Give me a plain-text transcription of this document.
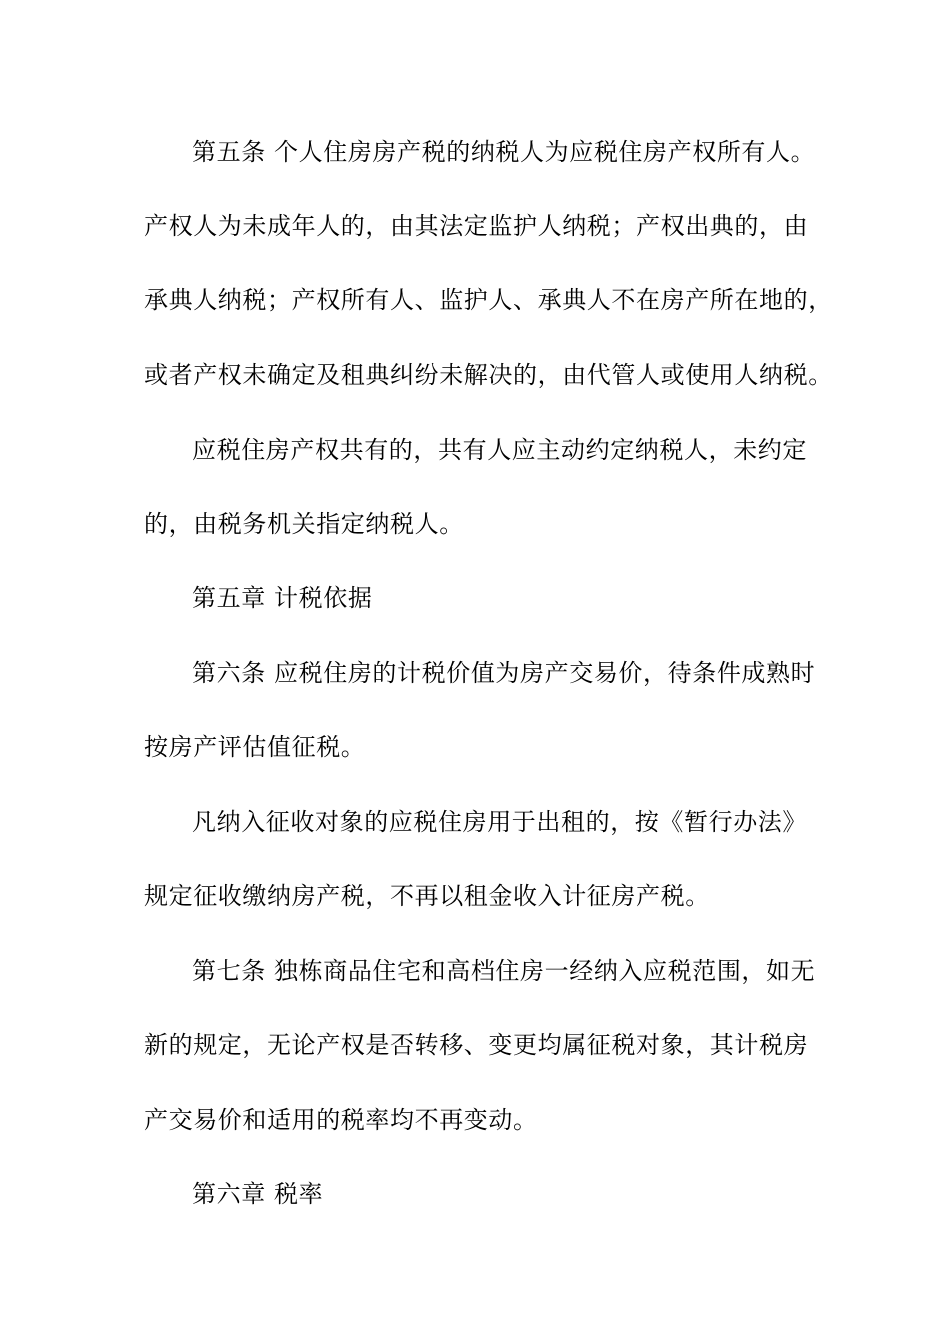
第五条 个人住房房产税的纳税人为应税住房产权所有人。
产权人为未成年人的，由其法定监护人纳税；产权出典的，由
承典人纳税；产权所有人、监护人、承典人不在房产所在地的，
或者产权未确定及租典纠纷未解决的，由代管人或使用人纳税。
应税住房产权共有的，共有人应主动约定纳税人，未约定
的，由税务机关指定纳税人。
第五章 计税依据
第六条 应税住房的计税价值为房产交易价，待条件成熟时
按房产评估值征税。
凡纳入征收对象的应税住房用于出租的，按《暂行办法》
规定征收缴纳房产税，不再以租金收入计征房产税。
第七条 独栋商品住宅和高档住房一经纳入应税范围，如无
新的规定，无论产权是否转移、变更均属征税对象，其计税房
产交易价和适用的税率均不再变动。
第六章 税率
